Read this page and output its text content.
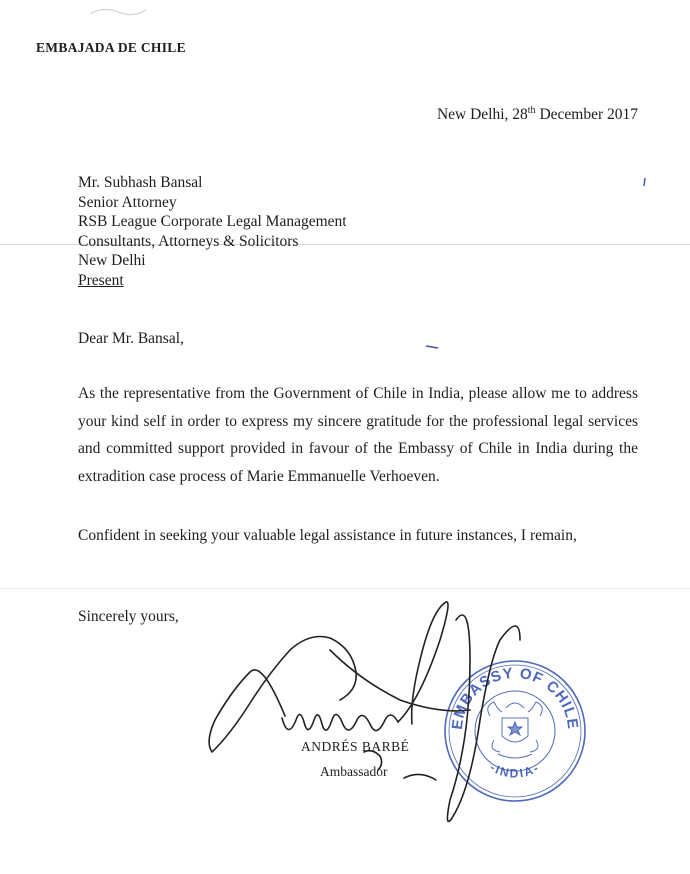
EMBAJADA DE CHILE
New Delhi, 28th December 2017
Mr. Subhash Bansal
Senior Attorney
RSB League Corporate Legal Management
Consultants, Attorneys & Solicitors
New Delhi
Present
Dear Mr. Bansal,
As the representative from the Government of Chile in India, please allow me to address your kind self in order to express my sincere gratitude for the professional legal services and committed support provided in favour of the Embassy of Chile in India during the extradition case process of Marie Emmanuelle Verhoeven.
Confident in seeking your valuable legal assistance in future instances, I remain,
Sincerely yours,
EMBASSY OF CHILE
-INDIA-
ANDRÉS BARBÉ
Ambassador
